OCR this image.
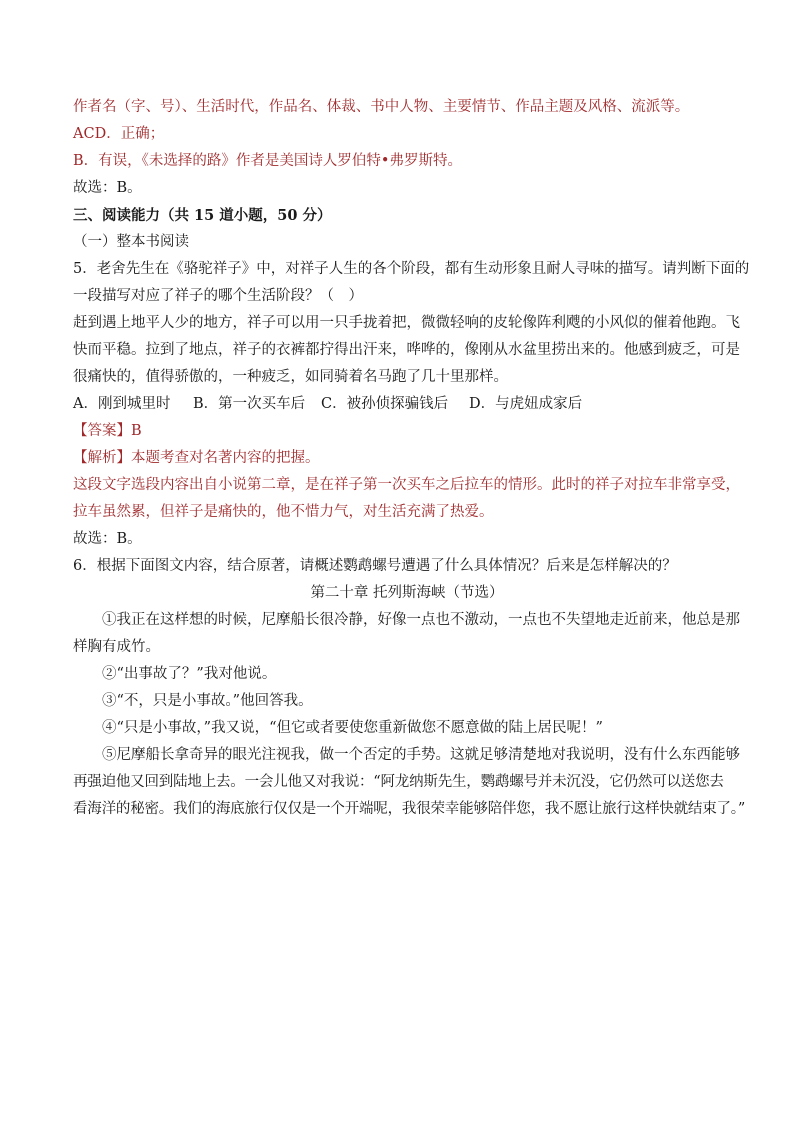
作者名（字、号）、生活时代，作品名、体裁、书中人物、主要情节、作品主题及风格、流派等。
ACD．正确；
B．有误，《未选择的路》作者是美国诗人罗伯特•弗罗斯特。
故选：B。
三、阅读能力（共 15 道小题，50 分）
（一）整本书阅读
5．老舍先生在《骆驼祥子》中，对祥子人生的各个阶段，都有生动形象且耐人寻味的描写。请判断下面的
一段描写对应了祥子的哪个生活阶段？（　）
赶到遇上地平人少的地方，祥子可以用一只手拢着把，微微轻响的皮轮像阵利飕的小风似的催着他跑。飞
快而平稳。拉到了地点，祥子的衣裤都拧得出汗来，哗哗的，像刚从水盆里捞出来的。他感到疲乏，可是
很痛快的，值得骄傲的，一种疲乏，如同骑着名马跑了几十里那样。
A．刚到城里时 B．第一次买车后 C．被孙侦探骗钱后 D．与虎妞成家后
【答案】B
【解析】本题考查对名著内容的把握。
这段文字选段内容出自小说第二章，是在祥子第一次买车之后拉车的情形。此时的祥子对拉车非常享受，
拉车虽然累，但祥子是痛快的，他不惜力气，对生活充满了热爱。
故选：B。
6．根据下面图文内容，结合原著，请概述鹦鹉螺号遭遇了什么具体情况？后来是怎样解决的？
第二十章 托列斯海峡（节选）
①我正在这样想的时候，尼摩船长很冷静，好像一点也不激动，一点也不失望地走近前来，他总是那
样胸有成竹。
②“出事故了？”我对他说。
③“不，只是小事故。”他回答我。
④“只是小事故，”我又说，“但它或者要使您重新做您不愿意做的陆上居民呢！”
⑤尼摩船长拿奇异的眼光注视我，做一个否定的手势。这就足够清楚地对我说明，没有什么东西能够
再强迫他又回到陆地上去。一会儿他又对我说：“阿龙纳斯先生，鹦鹉螺号并未沉没，它仍然可以送您去
看海洋的秘密。我们的海底旅行仅仅是一个开端呢，我很荣幸能够陪伴您，我不愿让旅行这样快就结束了。”
